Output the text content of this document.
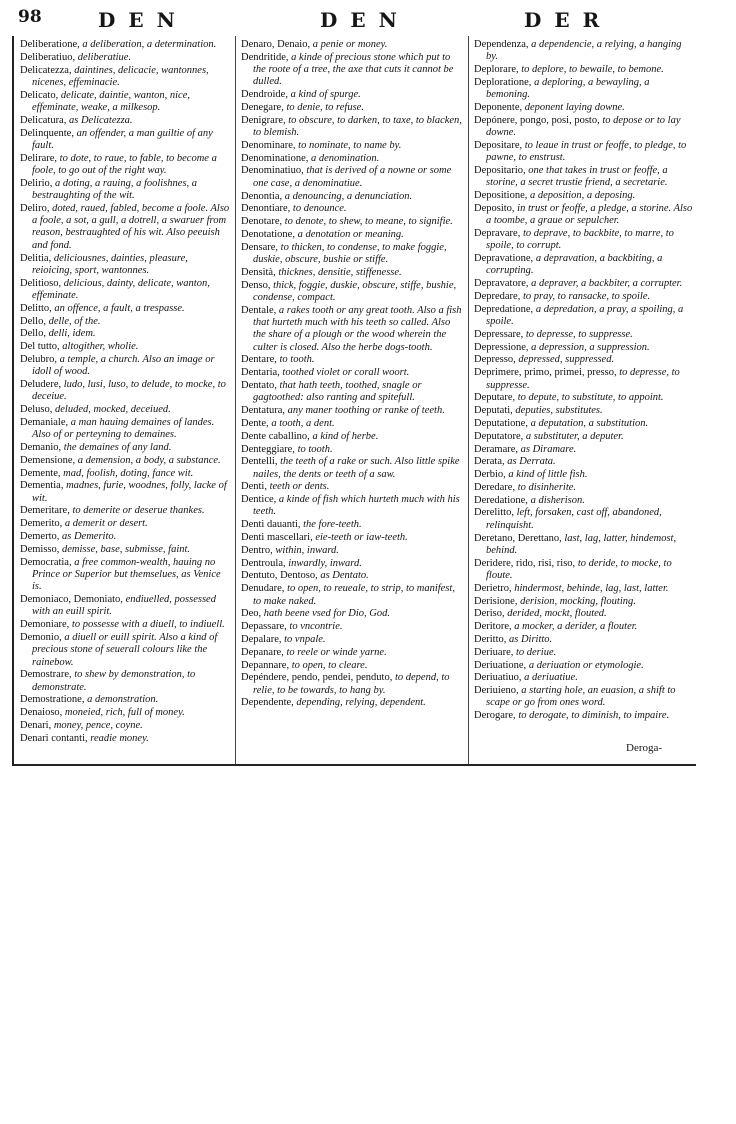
98	DEN	DEN	DER
Deliberatione, a deliberation, a determination.
Deliberatiuo, deliberatiue.
Delicatezza, daintines, delicacie, wantonnes, nicenes, effeminacie.
Delicato, delicate, daintie, wanton, nice, effeminate, weake, a milkesop.
Delicatura, as Delicatezza.
Delinquente, an offender, a man guiltie of any fault.
Delirare, to dote, to raue, to fable, to become a foole, to go out of the right way.
Delirio, a doting, a rauing, a foolishnes, a bestraughting of the wit.
Deliro, doted, raued, fabled, become a foole. Also a foole, a sot, a gull, a dotrell, a swaruer from reason, bestraughted of his wit. Also peeuish and fond.
Delitia, deliciousnes, dainties, pleasure, reioicing, sport, wantonnes.
Delitioso, delicious, dainty, delicate, wanton, effeminate.
Delitto, an offence, a fault, a trespasse.
Dello, delle, of the.
Dello, delli, idem.
Del tutto, altogither, wholie.
Delubro, a temple, a church. Also an image or idoll of wood.
Deludere, ludo, lusi, luso, to delude, to mocke, to deceiue.
Deluso, deluded, mocked, deceiued.
Demaniale, a man hauing demaines of landes. Also of or perteyning to demaines.
Demanio, the demaines of any land.
Demensione, a demension, a body, a substance.
Demente, mad, foolish, doting, fance wit.
Dementia, madnes, furie, woodnes, folly, lacke of wit.
Demeritare, to demerite or deserue thankes.
Demerito, a demerit or desert.
Demerto, as Demerito.
Demisso, demisse, base, submisse, faint.
Democratia, a free common-wealth, hauing no Prince or Superior but themselues, as Venice is.
Demoniaco, Demoniato, endiuelled, possessed with an euill spirit.
Demoniare, to possesse with a diuell, to indiuell.
Demonio, a diuell or euill spirit. Also a kind of precious stone of seuerall colours like the rainebow.
Demostrare, to shew by demonstration, to demonstrate.
Demostratione, a demonstration.
Denaioso, moneied, rich, full of money.
Denari, money, pence, coyne.
Denari contanti, readie money.
Denaro, Denaio, a penie or money.
Dendritide, a kinde of precious stone which put to the roote of a tree, the axe that cuts it cannot be dulled.
Dendroide, a kind of spurge.
Denegare, to denie, to refuse.
Denigrare, to obscure, to darken, to taxe, to blacken, to blemish.
Denominare, to nominate, to name by.
Denominatione, a denomination.
Denominatiuo, that is derived of a nowne or some one case, a denominatiue.
Denontia, a denouncing, a denunciation.
Denontiare, to denounce.
Denotare, to denote, to shew, to meane, to signifie.
Denotatione, a denotation or meaning.
Densare, to thicken, to condense, to make foggie, duskie, obscure, bushie or stiffe.
Densità, thicknes, densitie, stiffenesse.
Denso, thick, foggie, duskie, obscure, stiffe, bushie, condense, compact.
Dentale, a rakes tooth or any great tooth. Also a fish that hurteth much with his teeth so called. Also the share of a plough or the wood wherein the culter is closed. Also the herbe dogs-tooth.
Dentare, to tooth.
Dentaria, toothed violet or corall woort.
Dentato, that hath teeth, toothed, snagle or gagtoothed: also ranting and spitefull.
Dentatura, any maner toothing or ranke of teeth.
Dente, a tooth, a dent.
Dente caballino, a kind of herbe.
Denteggiare, to tooth.
Dentelli, the teeth of a rake or such. Also little spike nailes, the dents or teeth of a saw.
Denti, teeth or dents.
Dentice, a kinde of fish which hurteth much with his teeth.
Denti dauanti, the fore-teeth.
Denti mascellari, eie-teeth or iaw-teeth.
Dentro, within, inward.
Dentroula, inwardly, inward.
Dentuto, Dentoso, as Dentato.
Denudare, to open, to reueale, to strip, to manifest, to make naked.
Deo, hath beene vsed for Dio, God.
Depassare, to vncontrie.
Depalare, to vnpale.
Depanare, to reele or winde yarne.
Depannare, to open, to cleare.
Depéndere, pendo, pendei, penduto, to depend, to relie, to be towards, to hang by.
Dependente, depending, relying, dependent.
Dependenza, a dependencie, a relying, a hanging by.
Deplorare, to deplore, to bewaile, to bemone.
Deploratione, a deploring, a bewayling, a bemoning.
Deponente, deponent laying downe.
Depónere, pongo, posi, posto, to depose or to lay downe.
Depositare, to leaue in trust or feoffe, to pledge, to pawne, to enstrust.
Depositario, one that takes in trust or feoffe, a storine, a secret trustie friend, a secretarie.
Depositione, a deposition, a deposing.
Deposito, in trust or feoffe, a pledge, a storine. Also a toombe, a graue or sepulcher.
Depravare, to deprave, to backbite, to marre, to spoile, to corrupt.
Depravatione, a depravation, a backbiting, a corrupting.
Depravatore, a depraver, a backbiter, a corrupter.
Depredare, to pray, to ransacke, to spoile.
Depredatione, a depredation, a pray, a spoiling, a spoile.
Depressare, to depresse, to suppresse.
Depressione, a depression, a suppression.
Depresso, depressed, suppressed.
Deprimere, primo, primei, presso, to depresse, to suppresse.
Deputare, to depute, to substitute, to appoint.
Deputati, deputies, substitutes.
Deputatione, a deputation, a substitution.
Deputatore, a substituter, a deputer.
Deramare, as Diramare.
Derata, as Derrata.
Derbio, a kind of little fish.
Deredare, to disinherite.
Deredatione, a disherison.
Derelitto, left, forsaken, cast off, abandoned, relinquisht.
Deretano, Derettano, last, lag, latter, hindemost, behind.
Deridere, rido, risi, riso, to deride, to mocke, to floute.
Derietro, hindermost, behinde, lag, last, latter.
Derisione, derision, mocking, flouting.
Deriso, derided, mockt, flouted.
Deritore, a mocker, a derider, a flouter.
Deritto, as Diritto.
Deriuare, to deriue.
Deriuatione, a deriuation or etymologie.
Deriuatiuo, a deriuatiue.
Deriuieno, a starting hole, an euasion, a shift to scape or go from ones word.
Derogare, to derogate, to diminish, to impaire.
Deroga-
